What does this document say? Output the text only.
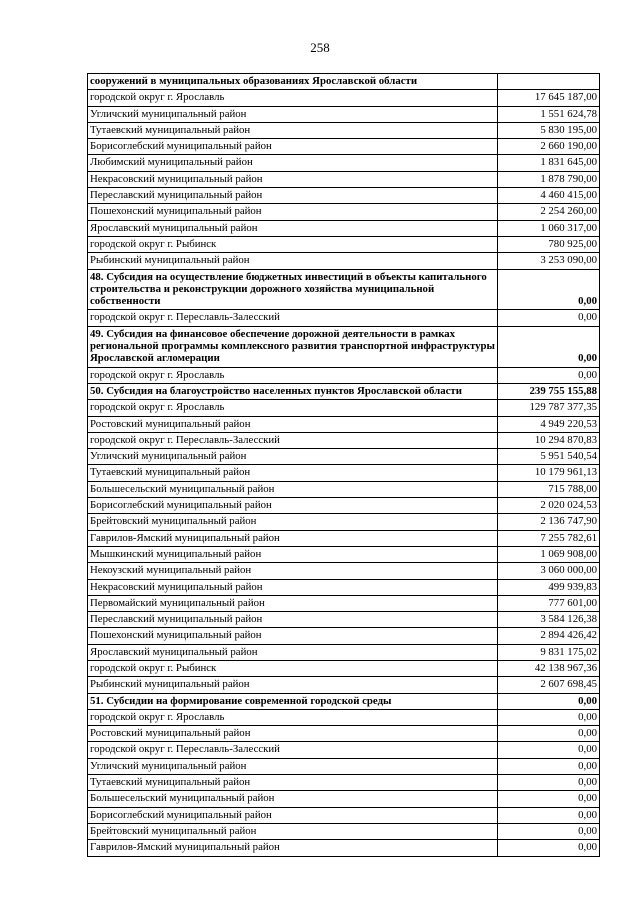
258
сооружений в муниципальных образованиях Ярославской области	
городской округ г. Ярославль	17 645 187,00
Угличский муниципальный район	1 551 624,78
Тутаевский муниципальный район	5 830 195,00
Борисоглебский муниципальный район	2 660 190,00
Любимский муниципальный район	1 831 645,00
Некрасовский муниципальный район	1 878 790,00
Переславский муниципальный район	4 460 415,00
Пошехонский муниципальный район	2 254 260,00
Ярославский муниципальный район	1 060 317,00
городской округ г. Рыбинск	780 925,00
Рыбинский муниципальный район	3 253 090,00
48. Субсидия на осуществление бюджетных инвестиций в объекты капитального строительства и реконструкции дорожного хозяйства муниципальной собственности	0,00
городской округ г. Переславль-Залесский	0,00
49. Субсидия на финансовое обеспечение дорожной деятельности в рамках региональной программы комплексного развития транспортной инфраструктуры Ярославской агломерации	0,00
городской округ г. Ярославль	0,00
50. Субсидия на благоустройство населенных пунктов Ярославской области	239 755 155,88
городской округ г. Ярославль	129 787 377,35
Ростовский муниципальный район	4 949 220,53
городской округ г. Переславль-Залесский	10 294 870,83
Угличский муниципальный район	5 951 540,54
Тутаевский муниципальный район	10 179 961,13
Большесельский муниципальный район	715 788,00
Борисоглебский муниципальный район	2 020 024,53
Брейтовский муниципальный район	2 136 747,90
Гаврилов-Ямский муниципальный район	7 255 782,61
Мышкинский муниципальный район	1 069 908,00
Некоузский муниципальный район	3 060 000,00
Некрасовский муниципальный район	499 939,83
Первомайский муниципальный район	777 601,00
Переславский муниципальный район	3 584 126,38
Пошехонский муниципальный район	2 894 426,42
Ярославский муниципальный район	9 831 175,02
городской округ г. Рыбинск	42 138 967,36
Рыбинский муниципальный район	2 607 698,45
51. Субсидии на формирование современной городской среды	0,00
городской округ г. Ярославль	0,00
Ростовский муниципальный район	0,00
городской округ г. Переславль-Залесский	0,00
Угличский муниципальный район	0,00
Тутаевский муниципальный район	0,00
Большесельский муниципальный район	0,00
Борисоглебский муниципальный район	0,00
Брейтовский муниципальный район	0,00
Гаврилов-Ямский муниципальный район	0,00
